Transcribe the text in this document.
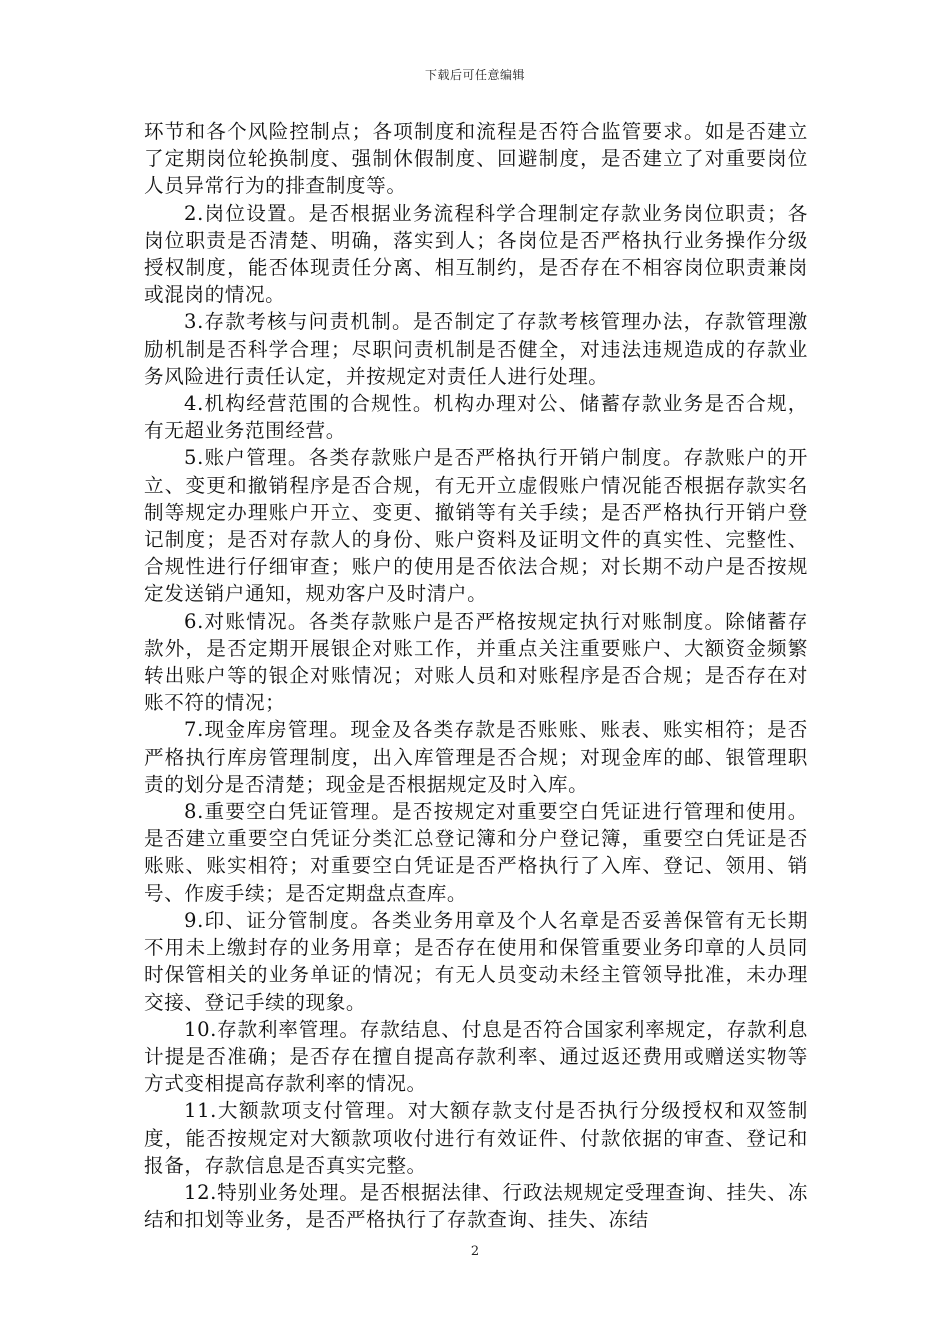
下载后可任意编辑

环节和各个风险控制点；各项制度和流程是否符合监管要求。如是否建立了定期岗位轮换制度、强制休假制度、回避制度，是否建立了对重要岗位人员异常行为的排查制度等。

2.岗位设置。是否根据业务流程科学合理制定存款业务岗位职责；各岗位职责是否清楚、明确，落实到人；各岗位是否严格执行业务操作分级授权制度，能否体现责任分离、相互制约，是否存在不相容岗位职责兼岗或混岗的情况。

3.存款考核与问责机制。是否制定了存款考核管理办法，存款管理激励机制是否科学合理；尽职问责机制是否健全，对违法违规造成的存款业务风险进行责任认定，并按规定对责任人进行处理。

4.机构经营范围的合规性。机构办理对公、储蓄存款业务是否合规，有无超业务范围经营。

5.账户管理。各类存款账户是否严格执行开销户制度。存款账户的开立、变更和撤销程序是否合规，有无开立虚假账户情况能否根据存款实名制等规定办理账户开立、变更、撤销等有关手续；是否严格执行开销户登记制度；是否对存款人的身份、账户资料及证明文件的真实性、完整性、合规性进行仔细审查；账户的使用是否依法合规；对长期不动户是否按规定发送销户通知，规劝客户及时清户。

6.对账情况。各类存款账户是否严格按规定执行对账制度。除储蓄存款外，是否定期开展银企对账工作，并重点关注重要账户、大额资金频繁转出账户等的银企对账情况；对账人员和对账程序是否合规；是否存在对账不符的情况；

7.现金库房管理。现金及各类存款是否账账、账表、账实相符；是否严格执行库房管理制度，出入库管理是否合规；对现金库的邮、银管理职责的划分是否清楚；现金是否根据规定及时入库。

8.重要空白凭证管理。是否按规定对重要空白凭证进行管理和使用。是否建立重要空白凭证分类汇总登记簿和分户登记簿，重要空白凭证是否账账、账实相符；对重要空白凭证是否严格执行了入库、登记、领用、销号、作废手续；是否定期盘点查库。

9.印、证分管制度。各类业务用章及个人名章是否妥善保管有无长期不用未上缴封存的业务用章；是否存在使用和保管重要业务印章的人员同时保管相关的业务单证的情况；有无人员变动未经主管领导批准，未办理交接、登记手续的现象。

10.存款利率管理。存款结息、付息是否符合国家利率规定，存款利息计提是否准确；是否存在擅自提高存款利率、通过返还费用或赠送实物等方式变相提高存款利率的情况。

11.大额款项支付管理。对大额存款支付是否执行分级授权和双签制度，能否按规定对大额款项收付进行有效证件、付款依据的审查、登记和报备，存款信息是否真实完整。

12.特别业务处理。是否根据法律、行政法规规定受理查询、挂失、冻结和扣划等业务，是否严格执行了存款查询、挂失、冻结

2
